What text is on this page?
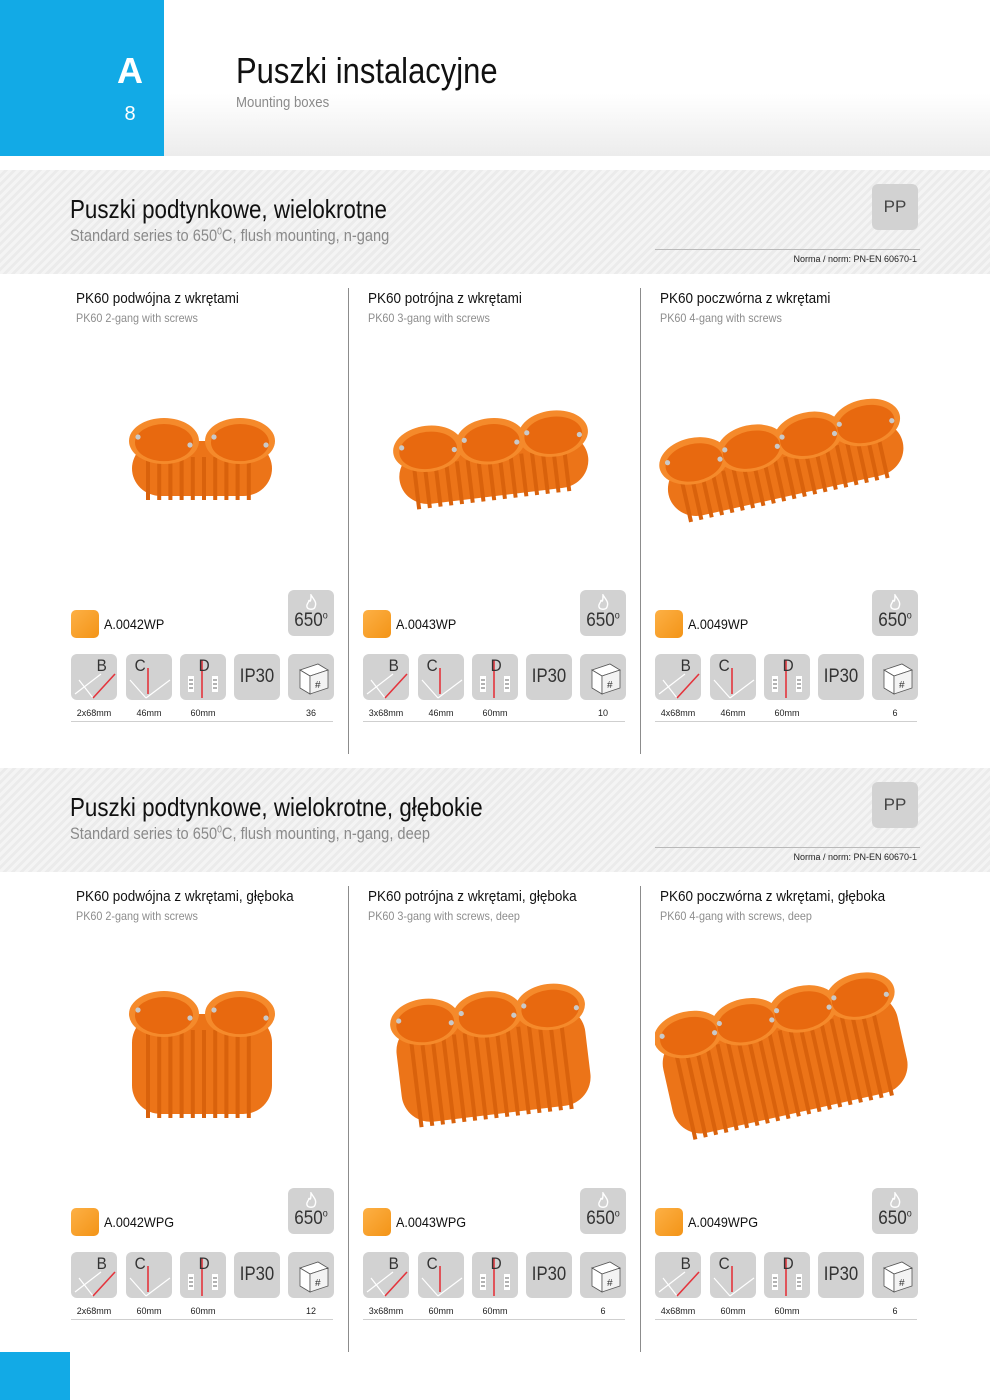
A
8
Puszki instalacyjne
Mounting boxes
Puszki podtynkowe, wielokrotne
Standard series to $650^0C$, flush mounting, n-gang
PP
Norma / norm: PN-EN 60670-1
PK60 podwójna z wkrętami
PK60 2-gang with screws
A.0042WP	650$^o$
B C	D
IP30	#
2x68mm	46mm	60mm	36
PK60 potrójna z wkrętami
PK60 3-gang with screws
A.0043WP	650$^o$
B C	D
IP30	#
3x68mm	46mm	60mm	10
PK60 poczwórna z wkrętami
PK60 4-gang with screws
A.0049WP	650$^o$
B C	D
IP30	#
4x68mm	46mm	60mm	6
Puszki podtynkowe, wielokrotne, głębokie
Standard series to $650^0C$, flush mounting, n-gang, deep
PP
Norma / norm: PN-EN 60670-1
PK60 podwójna z wkrętami, głęboka
PK60 2-gang with screws
A.0042WPG	650$^o$
B C	D
IP30	#
2x68mm	60mm	60mm	12
PK60 potrójna z wkrętami, głęboka
PK60 3-gang with screws, deep
A.0043WPG	650$^o$
B C	D
IP30	#
3x68mm	60mm	60mm	6
PK60 poczwórna z wkrętami, głęboka
PK60 4-gang with screws, deep
A.0049WPG	650$^o$
B C	D
IP30	#
4x68mm	60mm	60mm	6
